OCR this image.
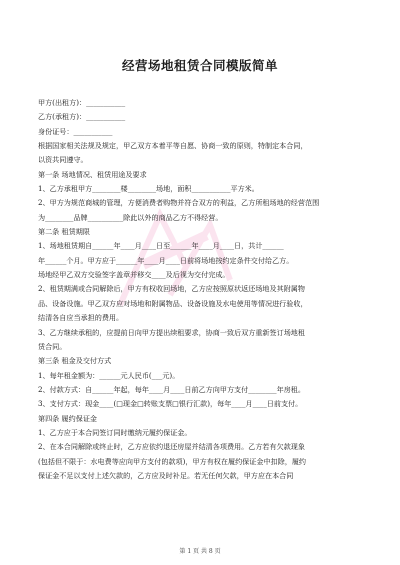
经营场地租赁合同模版简单
甲方(出租方)：___________
乙方(承租方)：___________
身份证号：___________
根据国家相关法规及规定，甲乙双方本着平等自愿、协商一致的原则，特制定本合同，
以资共同遵守。
第一条 场地情况、租赁用途及要求
1、乙方承租甲方________楼________场地，面积___________平方米。
2、甲方为规范商城的管理，方便消费者购物并符合双方的利益，乙方所租场地的经营范围
为________品牌__________除此以外的商品乙方不得经营。
第二条 租赁期限
1、场地租赁期自______年____月____日至______年____月____日，共计______
年______个月。甲方应于______年____月____日前将场地按约定条件交付给乙方。
场地经甲乙双方交验签字盖章并移交____及后视为交付完成。
2、租赁期满或合同解除后，甲方有权收回场地，乙方应按照原状返还场地及其附属物
品、设备设施。甲乙双方应对场地和附属物品、设备设施及水电使用等情况进行验收，
结清各自应当承担的费用。
3、乙方继续承租的，应提前日向甲方提出续租要求，协商一致后双方重新签订场地租
赁合同。
第三条 租金及交付方式
1、每年租金额为：______元人民币(___元)。
2、付款方式：自______年起，每年____月____日前乙方向甲方支付________年房租。
3、支付方式：现金____(□现金□转账支票□银行汇款)，每年____月____日前支付。
第四条 履约保证金
1、乙方应于本合同签订同时缴纳元履约保证金。
2、在本合同解除或终止时，乙方应依约退还房屋并结清各项费用。乙方若有欠款现象
(包括但不限于：水电费等应向甲方支付的款项)，甲方有权在履约保证金中扣除，履约
保证金不足以支付上述欠款的，乙方应及时补足。若无任何欠款，甲方应在本合同
第 1 页 共 8 页
